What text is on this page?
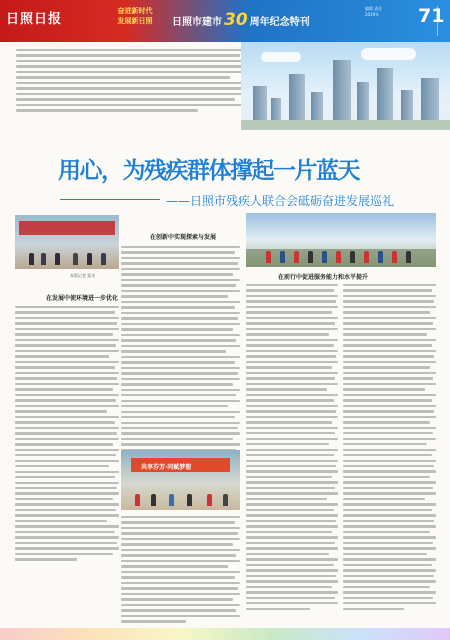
日照日报
奋进新时代
发展新日照	日照市建市 30 周年纪念特刊
编辑 责任
2019年	71
用心，为残疾群体撑起一片蓝天
——日照市残疾人联合会砥砺奋进发展巡礼
本版记者 蒙光
在发展中使环境进一步优化
在创新中实现探索与发展
共享芬芳·同赋梦想
在前行中促进服务能力和水平提升
